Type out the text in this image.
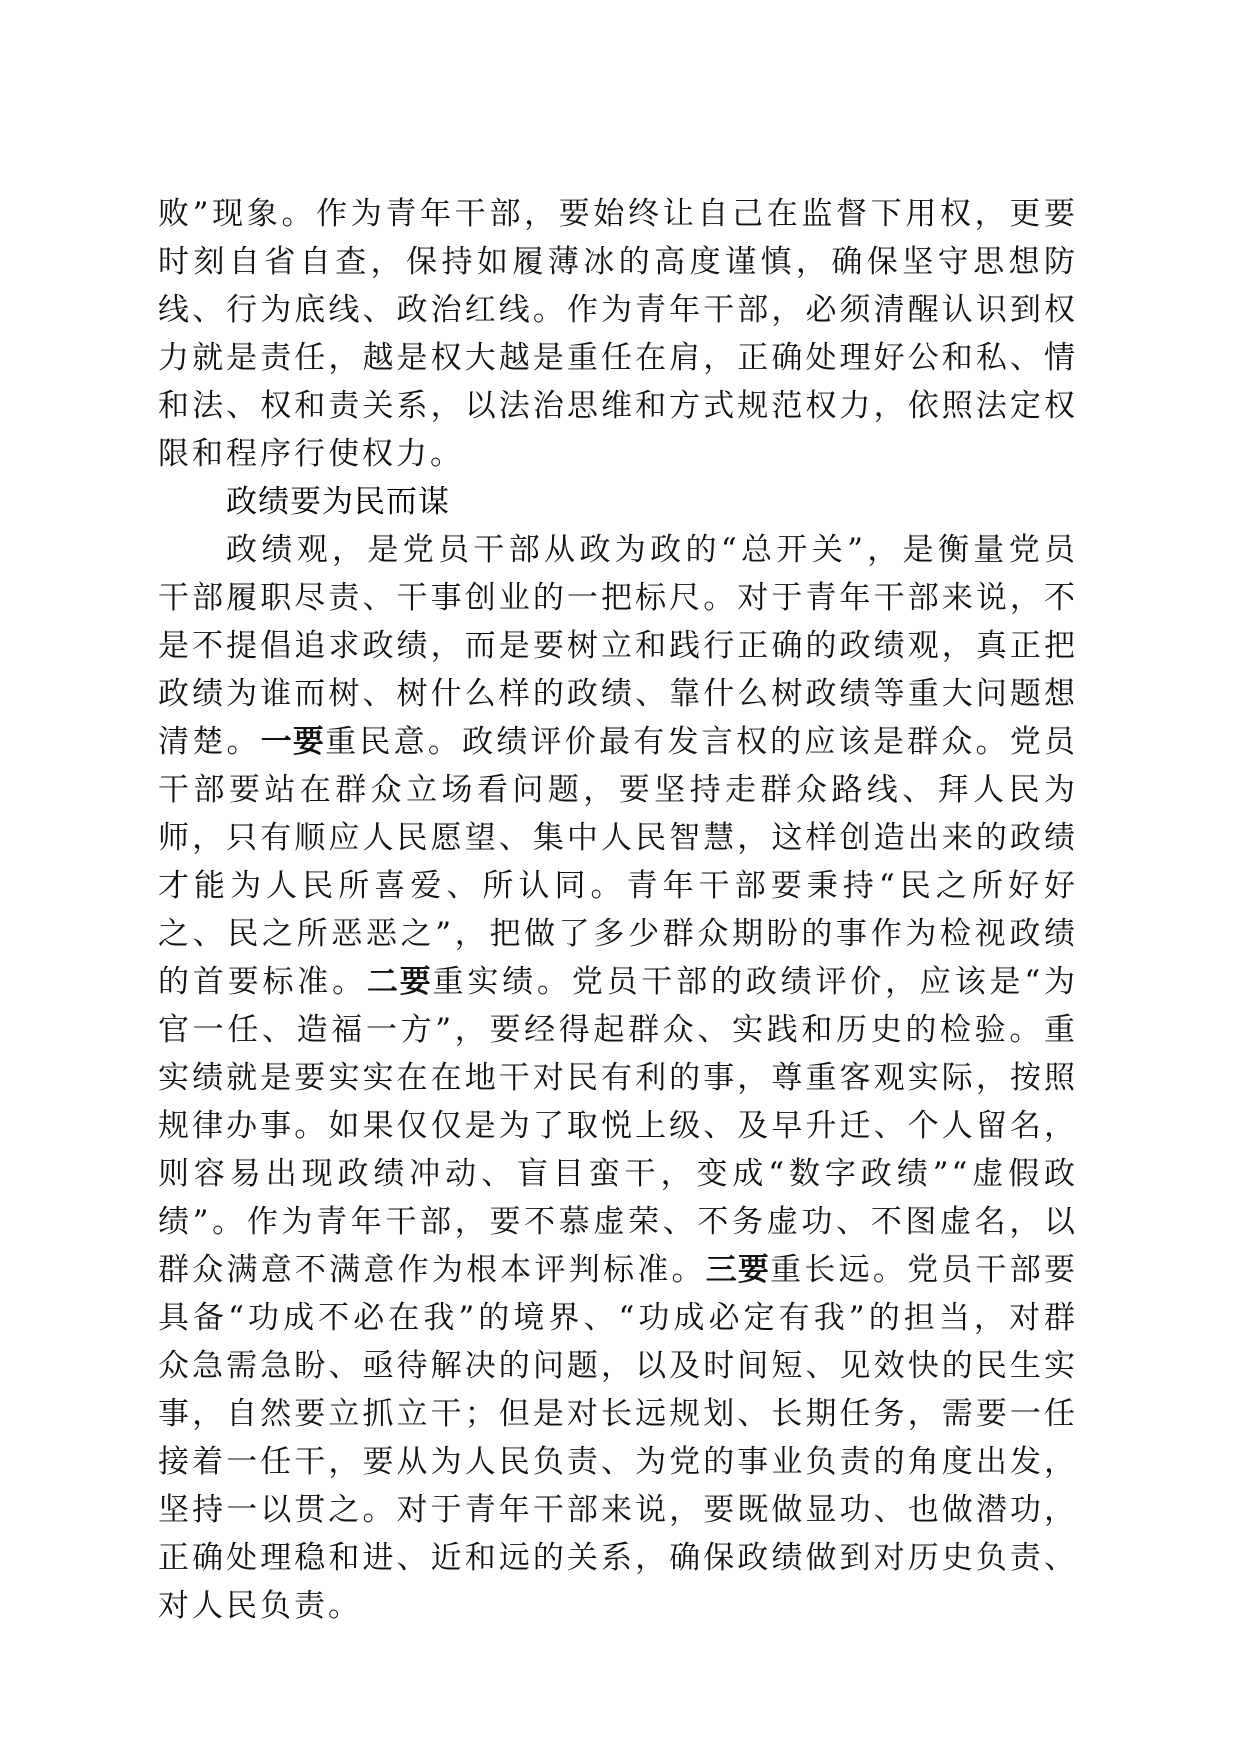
败”现象。作为青年干部，要始终让自己在监督下用权，更要时刻自省自查，保持如履薄冰的高度谨慎，确保坚守思想防线、行为底线、政治红线。作为青年干部，必须清醒认识到权力就是责任，越是权大越是重任在肩，正确处理好公和私、情和法、权和责关系，以法治思维和方式规范权力，依照法定权限和程序行使权力。

政绩要为民而谋

政绩观，是党员干部从政为政的“总开关”，是衡量党员干部履职尽责、干事创业的一把标尺。对于青年干部来说，不是不提倡追求政绩，而是要树立和践行正确的政绩观，真正把政绩为谁而树、树什么样的政绩、靠什么树政绩等重大问题想清楚。一要重民意。政绩评价最有发言权的应该是群众。党员干部要站在群众立场看问题，要坚持走群众路线、拜人民为师，只有顺应人民愿望、集中人民智慧，这样创造出来的政绩才能为人民所喜爱、所认同。青年干部要秉持“民之所好好之、民之所恶恶之”，把做了多少群众期盼的事作为检视政绩的首要标准。二要重实绩。党员干部的政绩评价，应该是“为官一任、造福一方”，要经得起群众、实践和历史的检验。重实绩就是要实实在在地干对民有利的事，尊重客观实际，按照规律办事。如果仅仅是为了取悦上级、及早升迁、个人留名，则容易出现政绩冲动、盲目蛮干，变成“数字政绩”“虚假政绩”。作为青年干部，要不慕虚荣、不务虚功、不图虚名，以群众满意不满意作为根本评判标准。三要重长远。党员干部要具备“功成不必在我”的境界、“功成必定有我”的担当，对群众急需急盼、亟待解决的问题，以及时间短、见效快的民生实事，自然要立抓立干；但是对长远规划、长期任务，需要一任接着一任干，要从为人民负责、为党的事业负责的角度出发，坚持一以贯之。对于青年干部来说，要既做显功、也做潜功，正确处理稳和进、近和远的关系，确保政绩做到对历史负责、对人民负责。
